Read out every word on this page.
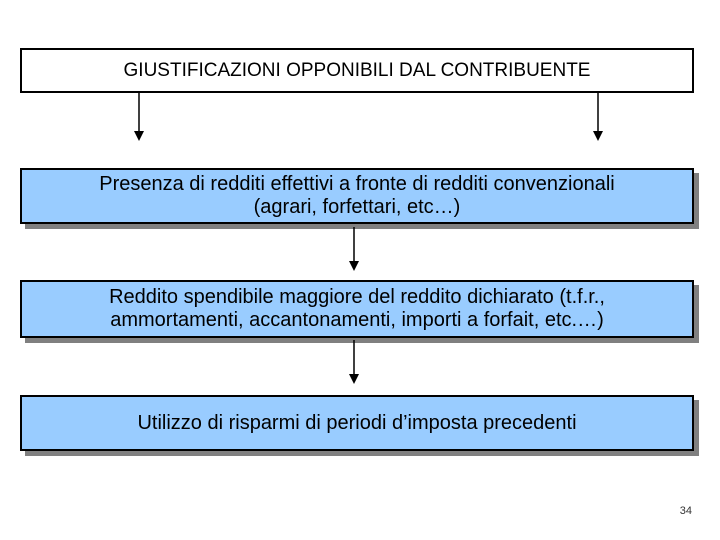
GIUSTIFICAZIONI OPPONIBILI DAL CONTRIBUENTE
Presenza di redditi effettivi a fronte di redditi convenzionali
(agrari, forfettari, etc…)
Reddito spendibile maggiore del reddito dichiarato (t.f.r.,
ammortamenti, accantonamenti, importi a forfait, etc.…)
Utilizzo di risparmi di periodi d’imposta precedenti
34
